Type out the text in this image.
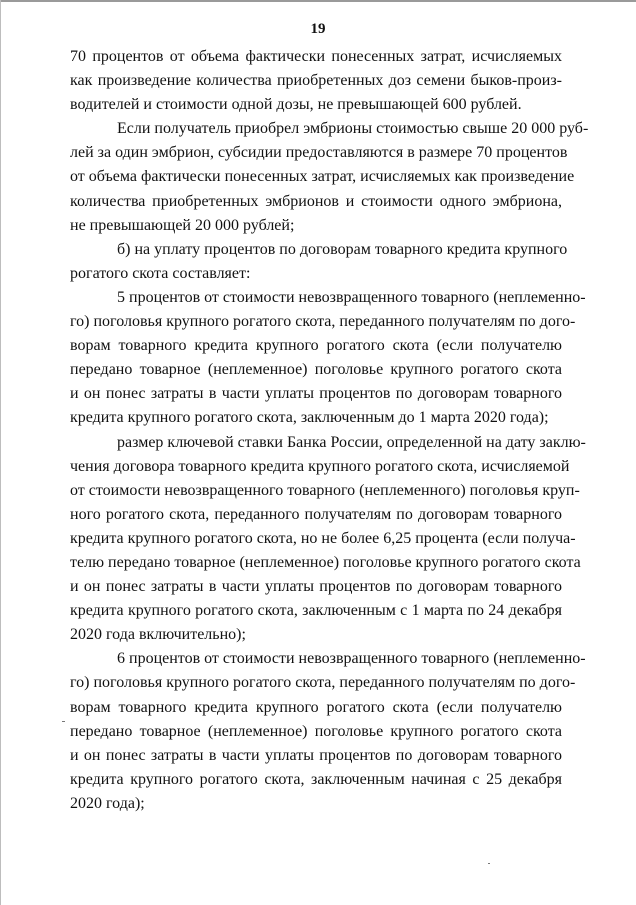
19
70 процентов от объема фактически понесенных затрат, исчисляемых
как произведение количества приобретенных доз семени быков-произ-
водителей и стоимости одной дозы, не превышающей 600 рублей.
Если получатель приобрел эмбрионы стоимостью свыше 20 000 руб-
лей за один эмбрион, субсидии предоставляются в размере 70 процентов
от объема фактически понесенных затрат, исчисляемых как произведение
количества приобретенных эмбрионов и стоимости одного эмбриона,
не превышающей 20 000 рублей;
б) на уплату процентов по договорам товарного кредита крупного
рогатого скота составляет:
5 процентов от стоимости невозвращенного товарного (неплеменно-
го) поголовья крупного рогатого скота, переданного получателям по дого-
ворам товарного кредита крупного рогатого скота (если получателю
передано товарное (неплеменное) поголовье крупного рогатого скота
и он понес затраты в части уплаты процентов по договорам товарного
кредита крупного рогатого скота, заключенным до 1 марта 2020 года);
размер ключевой ставки Банка России, определенной на дату заклю-
чения договора товарного кредита крупного рогатого скота, исчисляемой
от стоимости невозвращенного товарного (неплеменного) поголовья круп-
ного рогатого скота, переданного получателям по договорам товарного
кредита крупного рогатого скота, но не более 6,25 процента (если получа-
телю передано товарное (неплеменное) поголовье крупного рогатого скота
и он понес затраты в части уплаты процентов по договорам товарного
кредита крупного рогатого скота, заключенным с 1 марта по 24 декабря
2020 года включительно);
6 процентов от стоимости невозвращенного товарного (неплеменно-
го) поголовья крупного рогатого скота, переданного получателям по дого-
ворам товарного кредита крупного рогатого скота (если получателю
передано товарное (неплеменное) поголовье крупного рогатого скота
и он понес затраты в части уплаты процентов по договорам товарного
кредита крупного рогатого скота, заключенным начиная с 25 декабря
2020 года);
